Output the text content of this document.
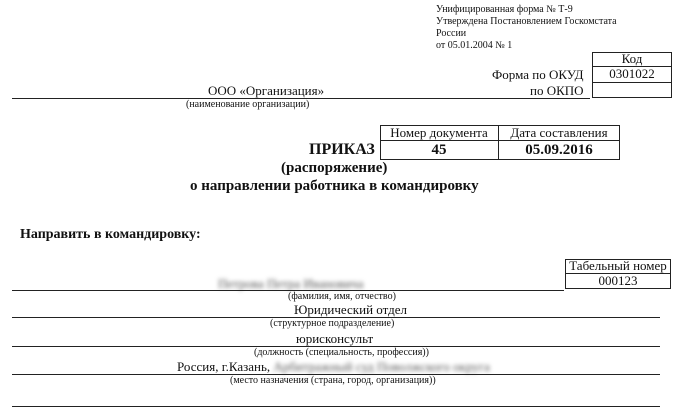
Унифицированная форма № Т-9
Утверждена Постановлением Госкомстата
России
от 05.01.2004 № 1
Код
0301022
Форма по ОКУД
по ОКПО
ООО «Организация»
(наименование организации)
Номер документа	Дата составления
45	05.09.2016
ПРИКАЗ
(распоряжение)
о направлении работника в командировку
Направить в командировку:
Табельный номер
000123
Петрова Петра Ивановича
(фамилия, имя, отчество)
Юридический отдел
(структурное подразделение)
юрисконсульт
(должность (специальность, профессия))
Россия, г.Казань, Арбитражный суд Поволжского округа
(место назначения (страна, город, организация))
